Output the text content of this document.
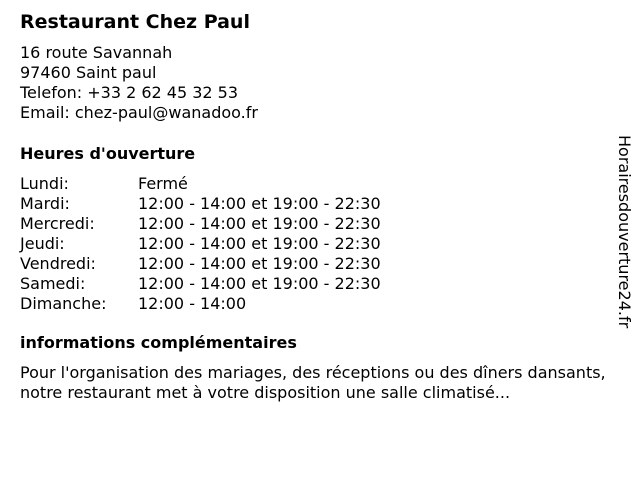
Restaurant Chez Paul
16 route Savannah
97460 Saint paul
Telefon: +33 2 62 45 32 53
Email: chez-paul@wanadoo.fr
Heures d'ouverture
Lundi:	Fermé
Mardi:	12:00 - 14:00 et 19:00 - 22:30
Mercredi:	12:00 - 14:00 et 19:00 - 22:30
Jeudi:	12:00 - 14:00 et 19:00 - 22:30
Vendredi:	12:00 - 14:00 et 19:00 - 22:30
Samedi:	12:00 - 14:00 et 19:00 - 22:30
Dimanche:	12:00 - 14:00
informations complémentaires
Pour l'organisation des mariages, des réceptions ou des dîners dansants, notre restaurant met à votre disposition une salle climatisé...
Horairesdouverture24.fr
